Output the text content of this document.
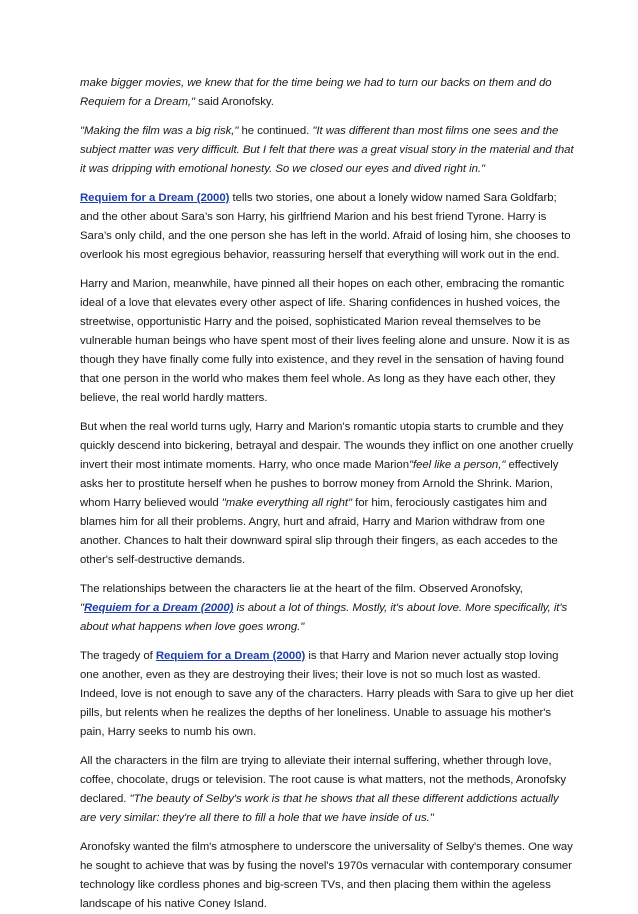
make bigger movies, we knew that for the time being we had to turn our backs on them and do Requiem for a Dream," said Aronofsky.

"Making the film was a big risk," he continued. "It was different than most films one sees and the subject matter was very difficult. But I felt that there was a great visual story in the material and that it was dripping with emotional honesty. So we closed our eyes and dived right in."

Requiem for a Dream (2000) tells two stories, one about a lonely widow named Sara Goldfarb; and the other about Sara’s son Harry, his girlfriend Marion and his best friend Tyrone. Harry is Sara’s only child, and the one person she has left in the world. Afraid of losing him, she chooses to overlook his most egregious behavior, reassuring herself that everything will work out in the end.

Harry and Marion, meanwhile, have pinned all their hopes on each other, embracing the romantic ideal of a love that elevates every other aspect of life. Sharing confidences in hushed voices, the streetwise, opportunistic Harry and the poised, sophisticated Marion reveal themselves to be vulnerable human beings who have spent most of their lives feeling alone and unsure. Now it is as though they have finally come fully into existence, and they revel in the sensation of having found that one person in the world who makes them feel whole. As long as they have each other, they believe, the real world hardly matters.

But when the real world turns ugly, Harry and Marion's romantic utopia starts to crumble and they quickly descend into bickering, betrayal and despair. The wounds they inflict on one another cruelly invert their most intimate moments. Harry, who once made Marion"feel like a person," effectively asks her to prostitute herself when he pushes to borrow money from Arnold the Shrink. Marion, whom Harry believed would "make everything all right" for him, ferociously castigates him and blames him for all their problems. Angry, hurt and afraid, Harry and Marion withdraw from one another. Chances to halt their downward spiral slip through their fingers, as each accedes to the other's self-destructive demands.

The relationships between the characters lie at the heart of the film. Observed Aronofsky, "Requiem for a Dream (2000) is about a lot of things. Mostly, it's about love. More specifically, it's about what happens when love goes wrong."

The tragedy of Requiem for a Dream (2000) is that Harry and Marion never actually stop loving one another, even as they are destroying their lives; their love is not so much lost as wasted. Indeed, love is not enough to save any of the characters. Harry pleads with Sara to give up her diet pills, but relents when he realizes the depths of her loneliness. Unable to assuage his mother's pain, Harry seeks to numb his own.

All the characters in the film are trying to alleviate their internal suffering, whether through love, coffee, chocolate, drugs or television. The root cause is what matters, not the methods, Aronofsky declared. "The beauty of Selby's work is that he shows that all these different addictions actually are very similar: they're all there to fill a hole that we have inside of us."

Aronofsky wanted the film's atmosphere to underscore the universality of Selby's themes. One way he sought to achieve that was by fusing the novel's 1970s vernacular with contemporary consumer technology like cordless phones and big-screen TVs, and then placing them within the ageless landscape of his native Coney Island.
